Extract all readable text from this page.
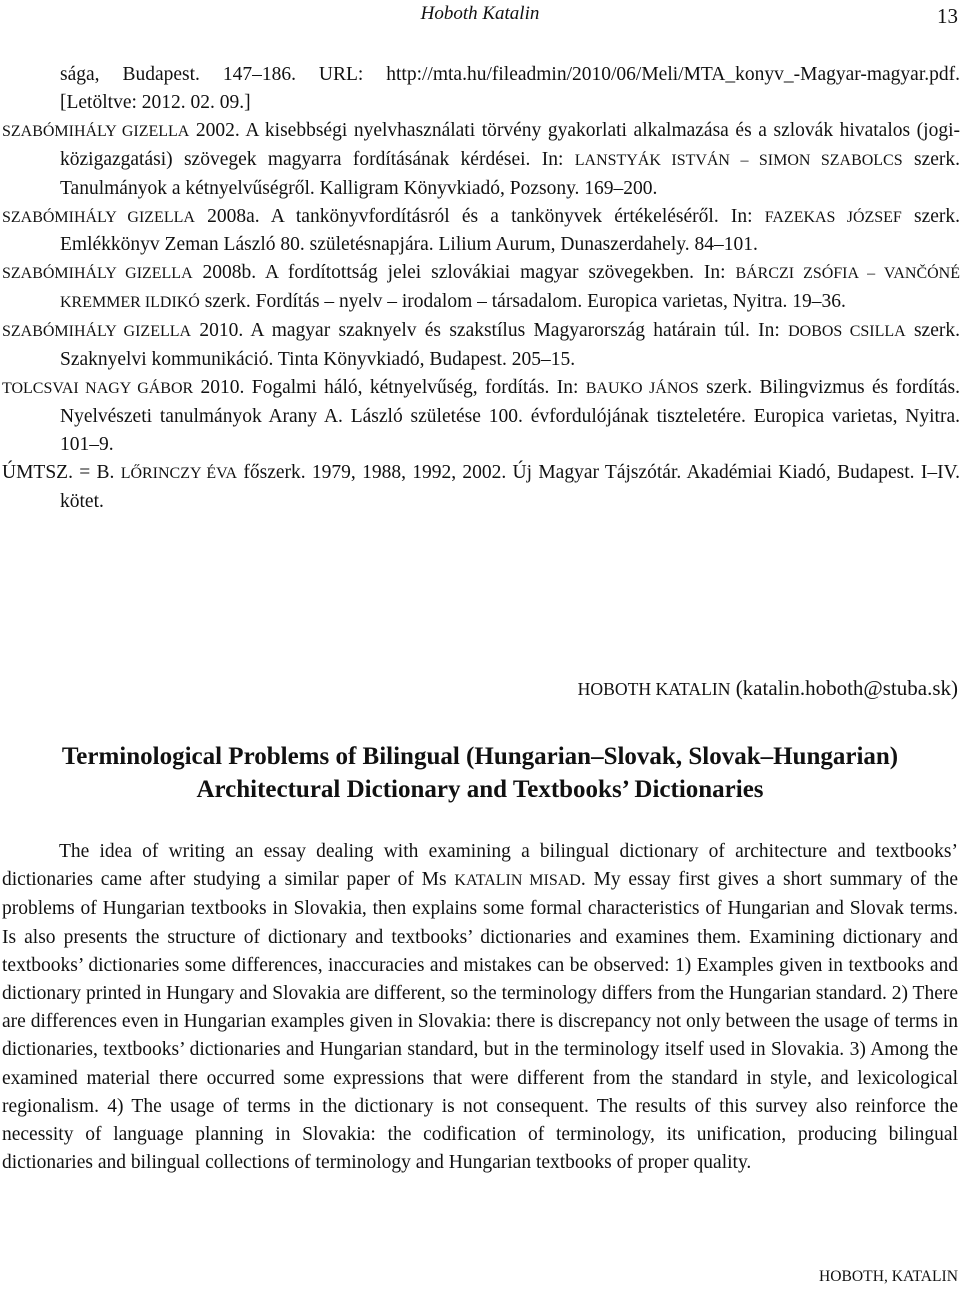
Hoboth Katalin	13

sága, Budapest. 147–186. URL: http://mta.hu/fileadmin/2010/06/Meli/MTA_konyv_-Magyar-magyar.pdf. [Letöltve: 2012. 02. 09.]

SZABÓMIHÁLY GIZELLA 2002. A kisebbségi nyelvhasználati törvény gyakorlati alkalmazása és a szlovák hivatalos (jogi-közigazgatási) szövegek magyarra fordításának kérdései. In: LANSTYÁK ISTVÁN – SIMON SZABOLCS szerk. Tanulmányok a kétnyelvűségről. Kalligram Könyvkiadó, Pozsony. 169–200.

SZABÓMIHÁLY GIZELLA 2008a. A tankönyvfordításról és a tankönyvek értékeléséről. In: FAZEKAS JÓZSEF szerk. Emlékkönyv Zeman László 80. születésnapjára. Lilium Aurum, Dunaszerdahely. 84–101.

SZABÓMIHÁLY GIZELLA 2008b. A fordítottság jelei szlovákiai magyar szövegekben. In: BÁRCZI ZSÓFIA – VANČÓNÉ KREMMER ILDIKÓ szerk. Fordítás – nyelv – irodalom – társadalom. Europica varietas, Nyitra. 19–36.

SZABÓMIHÁLY GIZELLA 2010. A magyar szaknyelv és szakstílus Magyarország határain túl. In: DOBOS CSILLA szerk. Szaknyelvi kommunikáció. Tinta Könyvkiadó, Budapest. 205–15.

TOLCSVAI NAGY GÁBOR 2010. Fogalmi háló, kétnyelvűség, fordítás. In: BAUKO JÁNOS szerk. Bilingvizmus és fordítás. Nyelvészeti tanulmányok Arany A. László születése 100. évfordulójának tiszteletére. Europica varietas, Nyitra. 101–9.

ÚMTSZ. = B. LŐRINCZY ÉVA főszerk. 1979, 1988, 1992, 2002. Új Magyar Tájszótár. Akadémiai Kiadó, Budapest. I–IV. kötet.

HOBOTH KATALIN (katalin.hoboth@stuba.sk)
Terminological Problems of Bilingual (Hungarian–Slovak, Slovak–Hungarian)
Architectural Dictionary and Textbooks’ Dictionaries

The idea of writing an essay dealing with examining a bilingual dictionary of architecture and textbooks’ dictionaries came after studying a similar paper of Ms KATALIN MISAD. My essay first gives a short summary of the problems of Hungarian textbooks in Slovakia, then explains some formal characteristics of Hungarian and Slovak terms. Is also presents the structure of dictionary and textbooks’ dictionaries and examines them. Examining dictionary and textbooks’ dictionaries some differences, inaccuracies and mistakes can be observed: 1) Examples given in textbooks and dictionary printed in Hungary and Slovakia are different, so the terminology differs from the Hungarian standard. 2) There are differences even in Hungarian examples given in Slovakia: there is discrepancy not only between the usage of terms in dictionaries, textbooks’ dictionaries and Hungarian standard, but in the terminology itself used in Slovakia. 3) Among the examined material there occurred some expressions that were different from the standard in style, and lexicological regionalism. 4) The usage of terms in the dictionary is not consequent. The results of this survey also reinforce the necessity of language planning in Slovakia: the codification of terminology, its unification, producing bilingual dictionaries and bilingual collections of terminology and Hungarian textbooks of proper quality.

HOBOTH, KATALIN
